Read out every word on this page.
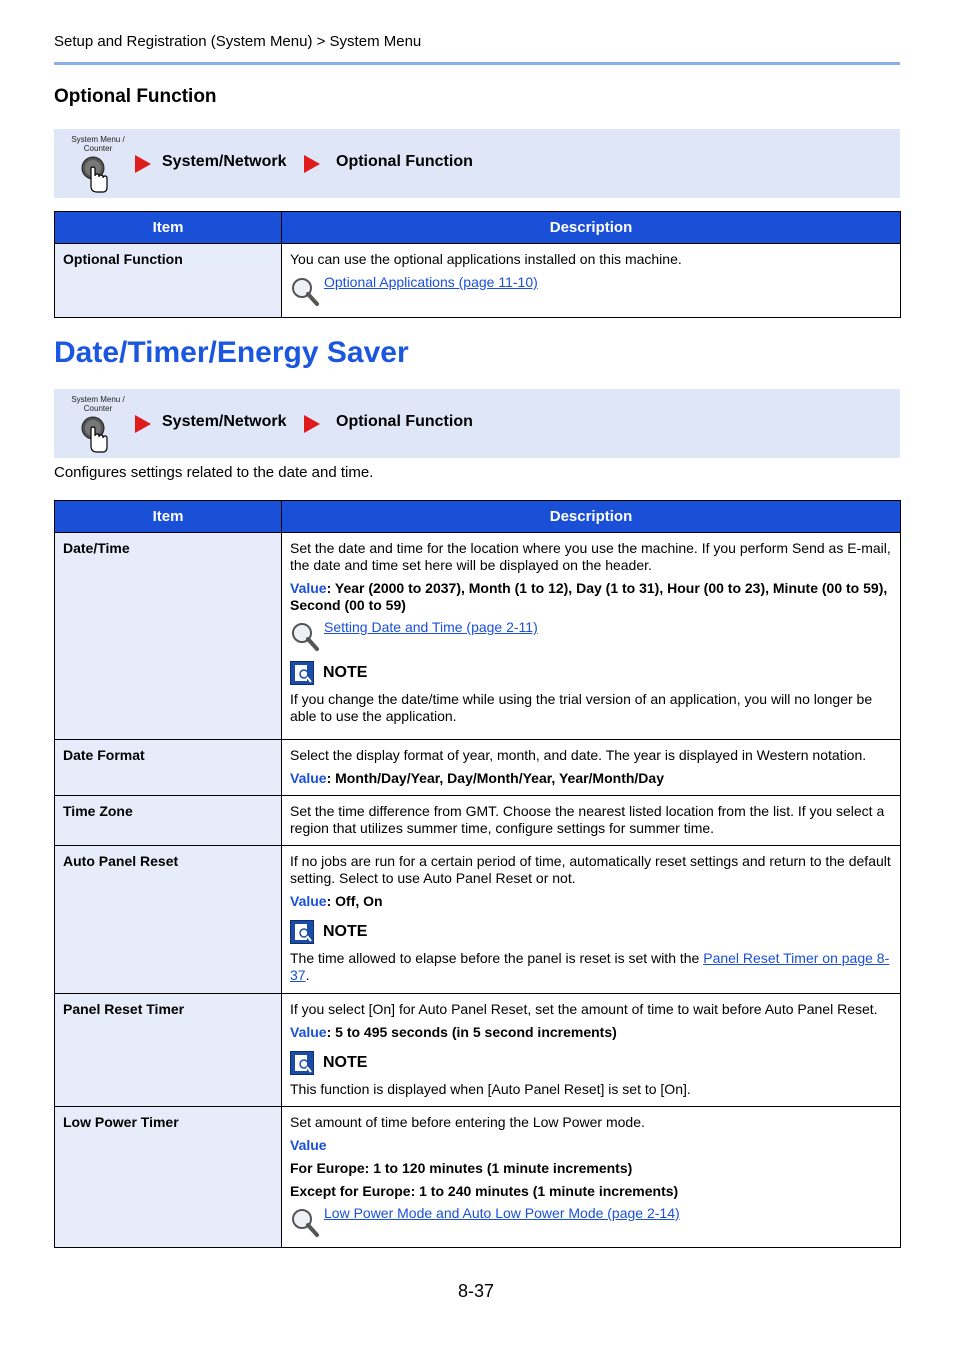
Setup and Registration (System Menu) > System Menu
Optional Function
System Menu /
Counter
System/Network	Optional Function
Item	Description
Optional Function	You can use the optional applications installed on this machine.
Optional Applications (page 11-10)
Date/Timer/Energy Saver
System Menu /
Counter
System/Network	Optional Function
Configures settings related to the date and time.
Item	Description
Date/Time	Set the date and time for the location where you use the machine. If you perform Send as E-mail, the date and time set here will be displayed on the header.
Value: Year (2000 to 2037), Month (1 to 12), Day (1 to 31), Hour (00 to 23), Minute (00 to 59), Second (00 to 59)
Setting Date and Time (page 2-11)
NOTE
If you change the date/time while using the trial version of an application, you will no longer be able to use the application.

Date Format	Select the display format of year, month, and date. The year is displayed in Western notation.
Value: Month/Day/Year, Day/Month/Year, Year/Month/Day

Time Zone	Set the time difference from GMT. Choose the nearest listed location from the list. If you select a region that utilizes summer time, configure settings for summer time.

Auto Panel Reset	If no jobs are run for a certain period of time, automatically reset settings and return to the default setting. Select to use Auto Panel Reset or not.
Value: Off, On
NOTE
The time allowed to elapse before the panel is reset is set with the Panel Reset Timer on page 8-37.

Panel Reset Timer	If you select [On] for Auto Panel Reset, set the amount of time to wait before Auto Panel Reset.
Value: 5 to 495 seconds (in 5 second increments)
NOTE
This function is displayed when [Auto Panel Reset] is set to [On].

Low Power Timer	Set amount of time before entering the Low Power mode.
Value
For Europe: 1 to 120 minutes (1 minute increments)
Except for Europe: 1 to 240 minutes (1 minute increments)
Low Power Mode and Auto Low Power Mode (page 2-14)
8-37
